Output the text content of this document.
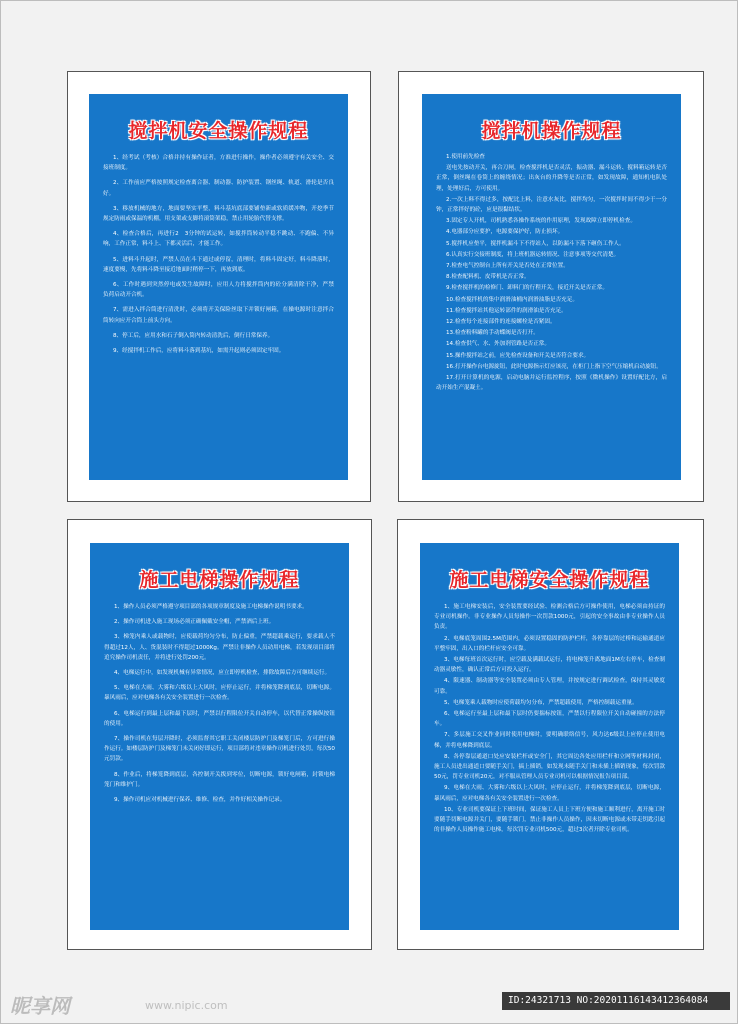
搅拌机安全操作规程
1、经考试（考核）合格并持有操作证者，方准进行操作，操作者必须遵守有关安全、交接班制度。
2、工作前应严格按照规定检查离合器、制动器、防护装置、钢丝绳、轨道、滑轮是否良好。
3、移放机械的地方，地面要坚实平整，料斗基坑底部要铺垫新或软质缓冲物，开挖季节规定防雨或保温的机棚，用支架或支脚将滚筒架稳，禁止用轮胎代替支撑。
4、检查合格后，再进行2　3分钟的试运转，如搅拌筒转动平稳不跳动、不跑偏、不异响，工作正常，料斗上、下都灵活后，才能工作。
5、进料斗升起时，严禁人员在斗下通过或停留，清理时，将料斗固定好，料斗降落时，速度要慢，先将料斗降至接近地面时稍停一下，再放到底。
6、工作时遇到突然停电或发生故障时，应用人力将搅拌筒内的砼分满清除干净，严禁　负荷启动开合机。
7、需进入拌合筒进行清洗时，必须将开关保险丝取下并锁好闸箱，在操电源时注意拌合筒转向应开合筒上前头方向。
8、停工后，应用水和石子倒入筒内转动清洗后，倒行日常保养。
9、经搅拌机工作后，应将料斗落到基坑，如需升起则必须固定牢固。
搅拌机操作规程
1.使用前先检查
送电先按动开关，再合刀闸，检查搅拌机是否灵活，振动器、漏斗运转、搅料箱运转是否正常，倒丝绳在卷筒上的缠绕情况；出灰台的升降等是否正常，如发现故障，通知机电队处理，处理好后，方可使用。
2.一次上料不得过多，按配比上料，注意水灰比，搅拌均匀，一次搅拌时间不得少于一分钟，正常拌好的砼，应是很黏结状。
3.固定专人开机，司机熟悉各操作系统的作用原理，发现故障立即停机检查。
4.电器部分应要护，电源要保护好，防止损坏。
5.搅拌机应垫平，搅拌机漏斗下不得站人，以防漏斗下落下砸伤工作人。
6.认真实行交接班制度，将上班机器运转情况、注意事项等交代清楚。
7.检查电气控制台上所有开关是否处在正常位置。
8.检查配料机、皮带机是否正常。
9.检查搅拌机的检修门、卸料门的行程开关，接近开关是否正常。
10.检查搅拌机的集中润滑油桶内润滑油脂是否充足。
11.检查搅拌站其他运转部件的润滑油是否充足。
12.检查每个连接部件的连接螺栓是否紧固。
13.检查粉料罐的手动蝶阀是否打开。
14.检查供气、水、外加剂管路是否正常。
15.操作搅拌站之前，应先检查设备和开关是否符合要求。
16.打开操作台电源旋钮，此时电源指示灯应该亮，在柜门上指下空气压缩机启动旋钮。
17.打开计算机的电源，启动电脑并运行监控程序，按照《微机操作》设置好配比方，启动开始生产混凝土。
施工电梯操作规程
1、操作人员必须严格遵守项目部的各项规章制度及施工电梯操作说明书要求。
2、操作司机进入施工现场必须正确佩戴安全帽，严禁酒后上班。
3、梯笼内乘人或载物时，应使载荷均匀分布，防止偏重，严禁超载乘运行，要求载人不得超过12人，人、货混装时不得超过1000Kg。严禁让非操作人员动用电梯，若发现项目部将追究操作司机责任，并将进行处罚200元。
4、电梯运行中，如发现机械有异常情况，应立即停机检查，排除故障后方可继续运行。
5、电梯在大雨、大雾和六级以上大风时，应停止运行，并将梯笼降到底层，切断电源。暴风雨后，应对电梯各有关安全装置进行一次检查。
6、电梯运行到最上层和最下层时，严禁以行程限位开关自动停车，以代替正常操纵按钮的使用。
7、操作司机在每层开降时，必须监督其它职工关闭楼层防护门及梯笼门后，方可进行操作运行。如楼层防护门及梯笼门未关闭好即运行，项目部将对违章操作司机进行处罚，每次50元罚款。
8、作业后，将梯笼降到底层，各控制开关拨到零位，切断电源，锁好电闸箱，封锁电梯笼门和维护门。
9、操作司机应对机械进行保养、维修、检查，并作好相关操作记录。
施工电梯安全操作规程
1、施工电梯安装后，安全装置要经试验、检测合格后方可操作使用，电梯必须由持证的专业司机操作。非专业操作人员每操作一次罚款1000元，引起的安全事故由非专业操作人员负责。
2、电梯底笼周围2.5M范围内，必须设置稳固的防护栏杆，各停靠层的过桥和运输通道应平整牢固，出入口的栏杆应安全可靠。
3、电梯每班首次运行时，应空载及满载试运行，将电梯笼升离地面1M左右停车，检查制动器灵敏性，确认正常后方可投入运行。
4、限速器、制动器等安全装置必须由专人管理，并按规定进行调试检查，保持其灵敏度可靠。
5、电梯笼乘人载物时应使荷载均匀分布，严禁超载使用，严格控制载运重量。
6、电梯运行至最上层和最下层时仍要揣标按钮，严禁以行程限位开关自动碰撞的方法停车。
7、多层施工交叉作业同时使用电梯时，要明确联络信号，风力达6级以上应停止使用电梯，并将电梯降到底层。
8、各停靠层通道口处应安装栏杆或安全门，其它周边各处应用栏杆和立网等材料封闭，施工人员进出通道口要随手关门，搞上插销，如发现未随手关门和未插上插销现象，每次罚款50元，罚专业司机20元，对不服从管理人员专业司机可以根据情况报告项目部。
9、电梯在大雨、大雾和六级以上大风时，应停止运行，并将梯笼降到底层，切断电源，暴风雨后，应对电梯各有关安全装置进行一次检查。
10、专业司机要保证上下班时间，保证施工人员上下班方便和施工顺利进行，离开施工时要随手切断电源并关门，要随手锁门，禁止非操作人员操作，因未切断电源或未带走钥匙引起的非操作人员操作施工电梯，每次罚专业司机500元，超过3次者开除专业司机。
昵享网	www.nipic.com	ID:24321713 NO:20201116143412364084
